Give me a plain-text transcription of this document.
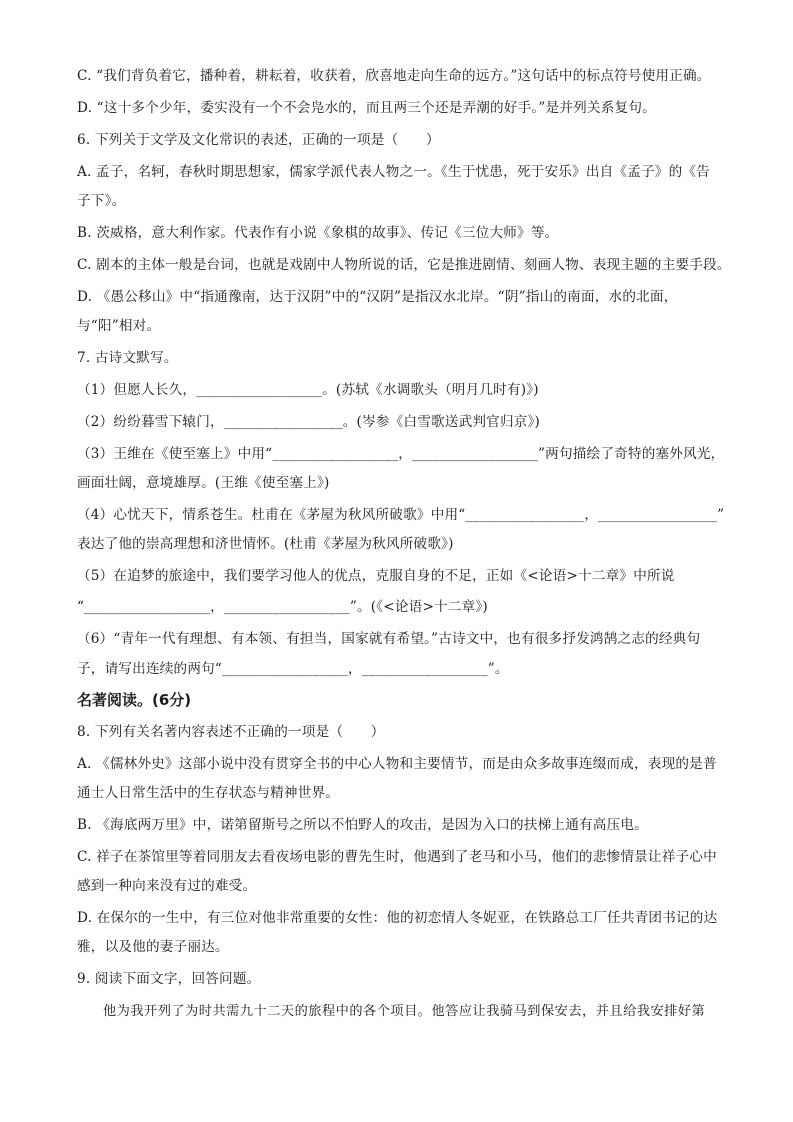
C. “我们背负着它，播种着，耕耘着，收获着，欣喜地走向生命的远方。”这句话中的标点符号使用正确。
D. “这十多个少年，委实没有一个不会凫水的，而且两三个还是弄潮的好手。”是并列关系复句。
6. 下列关于文学及文化常识的表述，正确的一项是（　　）
A. 孟子，名轲，春秋时期思想家，儒家学派代表人物之一。《生于忧患，死于安乐》出自《孟子》的《告
子下》。
B. 茨威格，意大利作家。代表作有小说《象棋的故事》、传记《三位大师》等。
C. 剧本的主体一般是台词，也就是戏剧中人物所说的话，它是推进剧情、刻画人物、表现主题的主要手段。
D. 《愚公移山》中“指通豫南，达于汉阴”中的“汉阴”是指汉水北岸。“阴”指山的南面，水的北面，
与“阳”相对。
7. 古诗文默写。
（1）但愿人长久，__________________。(苏轼《水调歌头（明月几时有)》)
（2）纷纷暮雪下辕门，_________________。(岑参《白雪歌送武判官归京》)
（3）王维在《使至塞上》中用“__________________，__________________”两句描绘了奇特的塞外风光，
画面壮阔，意境雄厚。(王维《使至塞上》)
（4）心忧天下，情系苍生。杜甫在《茅屋为秋风所破歌》中用“_________________，_________________”
表达了他的崇高理想和济世情怀。(杜甫《茅屋为秋风所破歌》)
（5）在追梦的旅途中，我们要学习他人的优点，克服自身的不足，正如《<论语>十二章》中所说
“__________________，__________________”。(《<论语>十二章》)
（6）“青年一代有理想、有本领、有担当，国家就有希望。”古诗文中，也有很多抒发鸿鹄之志的经典句
子，请写出连续的两句“__________________，__________________”。
名著阅读。(6分)
8. 下列有关名著内容表述不正确的一项是（　　）
A. 《儒林外史》这部小说中没有贯穿全书的中心人物和主要情节，而是由众多故事连缀而成，表现的是普
通士人日常生活中的生存状态与精神世界。
B. 《海底两万里》中，诺第留斯号之所以不怕野人的攻击，是因为入口的扶梯上通有高压电。
C. 祥子在茶馆里等着同朋友去看夜场电影的曹先生时，他遇到了老马和小马，他们的悲惨情景让祥子心中
感到一种向来没有过的难受。
D. 在保尔的一生中，有三位对他非常重要的女性：他的初恋情人冬妮亚，在铁路总工厂任共青团书记的达
雅，以及他的妻子丽达。
9. 阅读下面文字，回答问题。
他为我开列了为时共需九十二天的旅程中的各个项目。他答应让我骑马到保安去，并且给我安排好第
